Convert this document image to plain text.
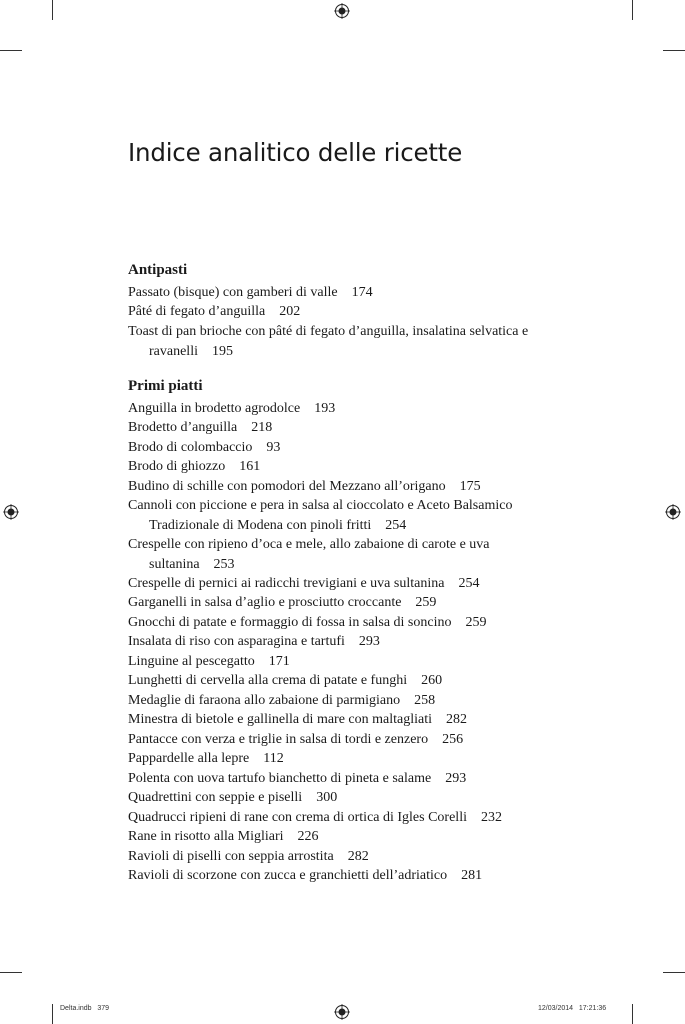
Indice analitico delle ricette
Antipasti
Passato (bisque) con gamberi di valle 174
Pâté di fegato d’anguilla 202
Toast di pan brioche con pâté di fegato d’anguilla, insalatina selvatica e
ravanelli 195
Primi piatti
Anguilla in brodetto agrodolce 193
Brodetto d’anguilla 218
Brodo di colombaccio 93
Brodo di ghiozzo 161
Budino di schille con pomodori del Mezzano all’origano 175
Cannoli con piccione e pera in salsa al cioccolato e Aceto Balsamico
Tradizionale di Modena con pinoli fritti 254
Crespelle con ripieno d’oca e mele, allo zabaione di carote e uva
sultanina 253
Crespelle di pernici ai radicchi trevigiani e uva sultanina 254
Garganelli in salsa d’aglio e prosciutto croccante 259
Gnocchi di patate e formaggio di fossa in salsa di soncino 259
Insalata di riso con asparagina e tartufi 293
Linguine al pescegatto 171
Lunghetti di cervella alla crema di patate e funghi 260
Medaglie di faraona allo zabaione di parmigiano 258
Minestra di bietole e gallinella di mare con maltagliati 282
Pantacce con verza e triglie in salsa di tordi e zenzero 256
Pappardelle alla lepre 112
Polenta con uova tartufo bianchetto di pineta e salame 293
Quadrettini con seppie e piselli 300
Quadrucci ripieni di rane con crema di ortica di Igles Corelli 232
Rane in risotto alla Migliari 226
Ravioli di piselli con seppia arrostita 282
Ravioli di scorzone con zucca e granchietti dell’adriatico 281
Delta.indb   379	12/03/2014   17:21:36
